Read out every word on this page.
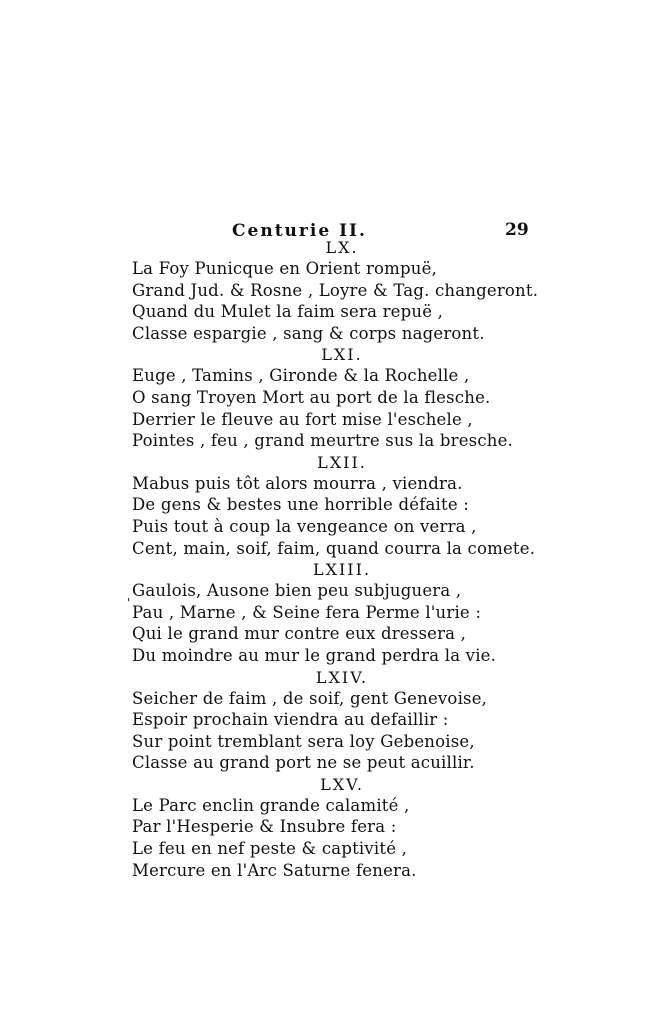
Centurie II.	29
LX.
La Foy Punicque en Orient rompuë,
Grand Jud. & Rosne , Loyre & Tag. changeront.
Quand du Mulet la faim sera repuë ,
Classe espargie , sang & corps nageront.
LXI.
Euge , Tamins , Gironde & la Rochelle ,
O sang Troyen Mort au port de la flesche.
Derrier le fleuve au fort mise l'eschele ,
Pointes , feu , grand meurtre sus la bresche.
LXII.
Mabus puis tôt alors mourra , viendra.
De gens & bestes une horrible défaite :
Puis tout à coup la vengeance on verra ,
Cent, main, soif, faim, quand courra la comete.
LXIII.
Gaulois, Ausone bien peu subjuguera ,
Pau , Marne , & Seine fera Perme l'urie :
Qui le grand mur contre eux dressera ,
Du moindre au mur le grand perdra la vie.
LXIV.
Seicher de faim , de soif, gent Genevoise,
Espoir prochain viendra au defaillir :
Sur point tremblant sera loy Gebenoise,
Classe au grand port ne se peut acuillir.
LXV.
Le Parc enclin grande calamité ,
Par l'Hesperie & Insubre fera :
Le feu en nef peste & captivité ,
Mercure en l'Arc Saturne fenera.
'
